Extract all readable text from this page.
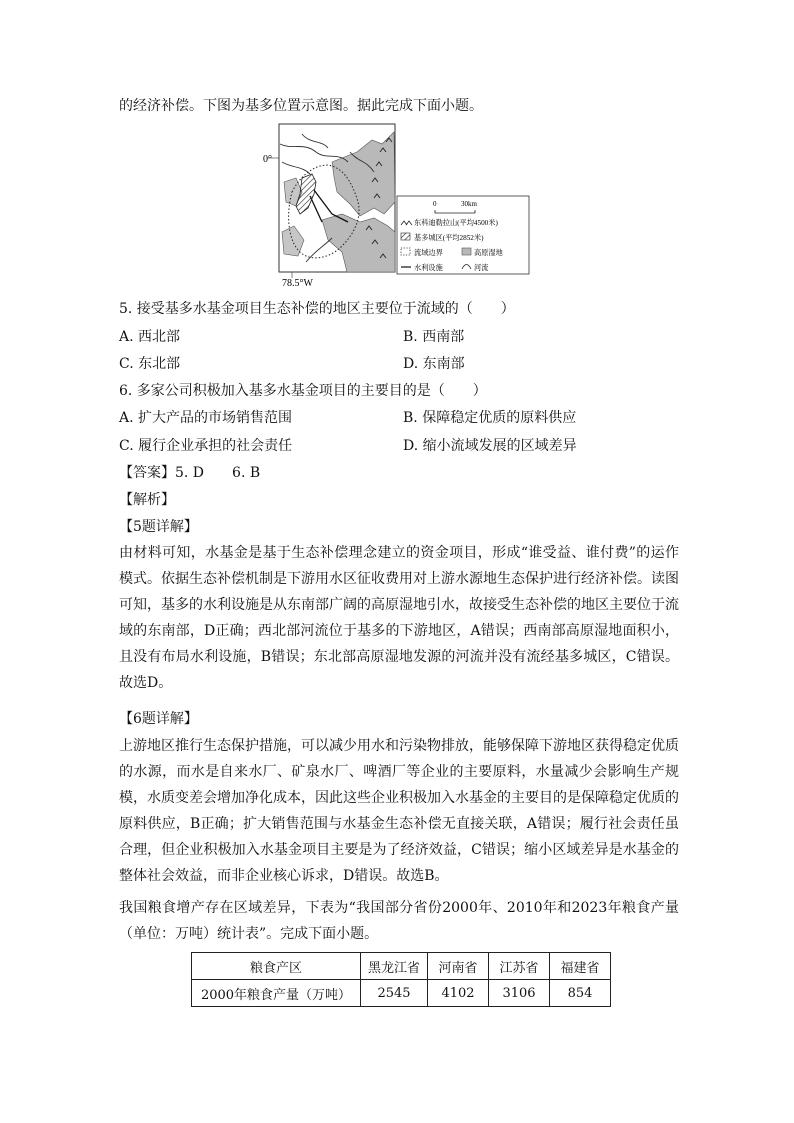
的经济补偿。下图为基多位置示意图。据此完成下面小题。
0°
78.5°W
0	30km
东科迪勒拉山(平均4500米)
基多城区(平均2852米)
流域边界	高原湿地
水利设施	河流
5. 接受基多水基金项目生态补偿的地区主要位于流域的（　　）
A. 西北部	B. 西南部
C. 东北部	D. 东南部
6. 多家公司积极加入基多水基金项目的主要目的是（　　）
A. 扩大产品的市场销售范围	B. 保障稳定优质的原料供应
C. 履行企业承担的社会责任	D. 缩小流域发展的区域差异
【答案】5. D　　6. B
【解析】
【5题详解】
由材料可知，水基金是基于生态补偿理念建立的资金项目，形成“谁受益、谁付费”的运作模式。依据生态补偿机制是下游用水区征收费用对上游水源地生态保护进行经济补偿。读图可知，基多的水利设施是从东南部广阔的高原湿地引水，故接受生态补偿的地区主要位于流域的东南部，D正确；西北部河流位于基多的下游地区，A错误；西南部高原湿地面积小，且没有布局水利设施，B错误；东北部高原湿地发源的河流并没有流经基多城区，C错误。故选D。
【6题详解】
上游地区推行生态保护措施，可以减少用水和污染物排放，能够保障下游地区获得稳定优质的水源，而水是自来水厂、矿泉水厂、啤酒厂等企业的主要原料，水量减少会影响生产规模，水质变差会增加净化成本，因此这些企业积极加入水基金的主要目的是保障稳定优质的原料供应，B正确；扩大销售范围与水基金生态补偿无直接关联，A错误；履行社会责任虽合理，但企业积极加入水基金项目主要是为了经济效益，C错误；缩小区域差异是水基金的整体社会效益，而非企业核心诉求，D错误。故选B。
我国粮食增产存在区域差异，下表为“我国部分省份2000年、2010年和2023年粮食产量（单位：万吨）统计表”。完成下面小题。
粮食产区	黑龙江省	河南省	江苏省	福建省
2000年粮食产量（万吨）	2545	4102	3106	854
